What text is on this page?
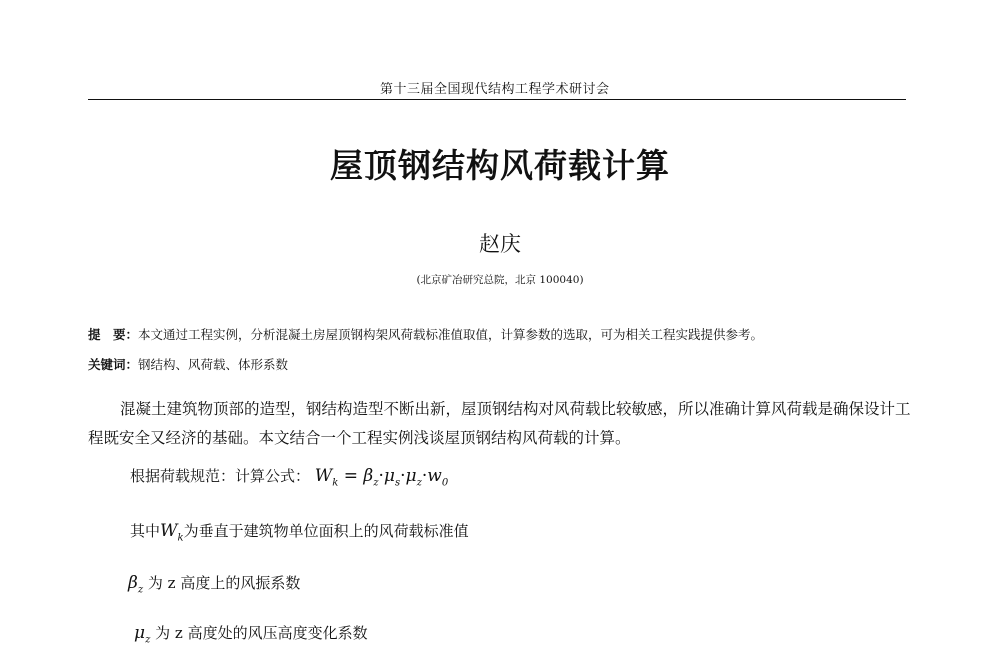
第十三届全国现代结构工程学术研讨会
屋顶钢结构风荷载计算
赵庆
(北京矿冶研究总院，北京 100040)
提　要：本文通过工程实例，分析混凝土房屋顶钢构架风荷载标准值取值，计算参数的选取，可为相关工程实践提供参考。
关键词：钢结构、风荷载、体形系数
混凝土建筑物顶部的造型，钢结构造型不断出新，屋顶钢结构对风荷载比较敏感，所以准确计算风荷载是确保设计工程既安全又经济的基础。本文结合一个工程实例浅谈屋顶钢结构风荷载的计算。
根据荷载规范：计算公式： $W_k = \beta_z\cdot\mu_s\cdot\mu_z\cdot w_0$
其中$W_k$为垂直于建筑物单位面积上的风荷载标准值
$\beta_z$ 为 z 高度上的风振系数
$\mu_z$ 为 z 高度处的风压高度变化系数
